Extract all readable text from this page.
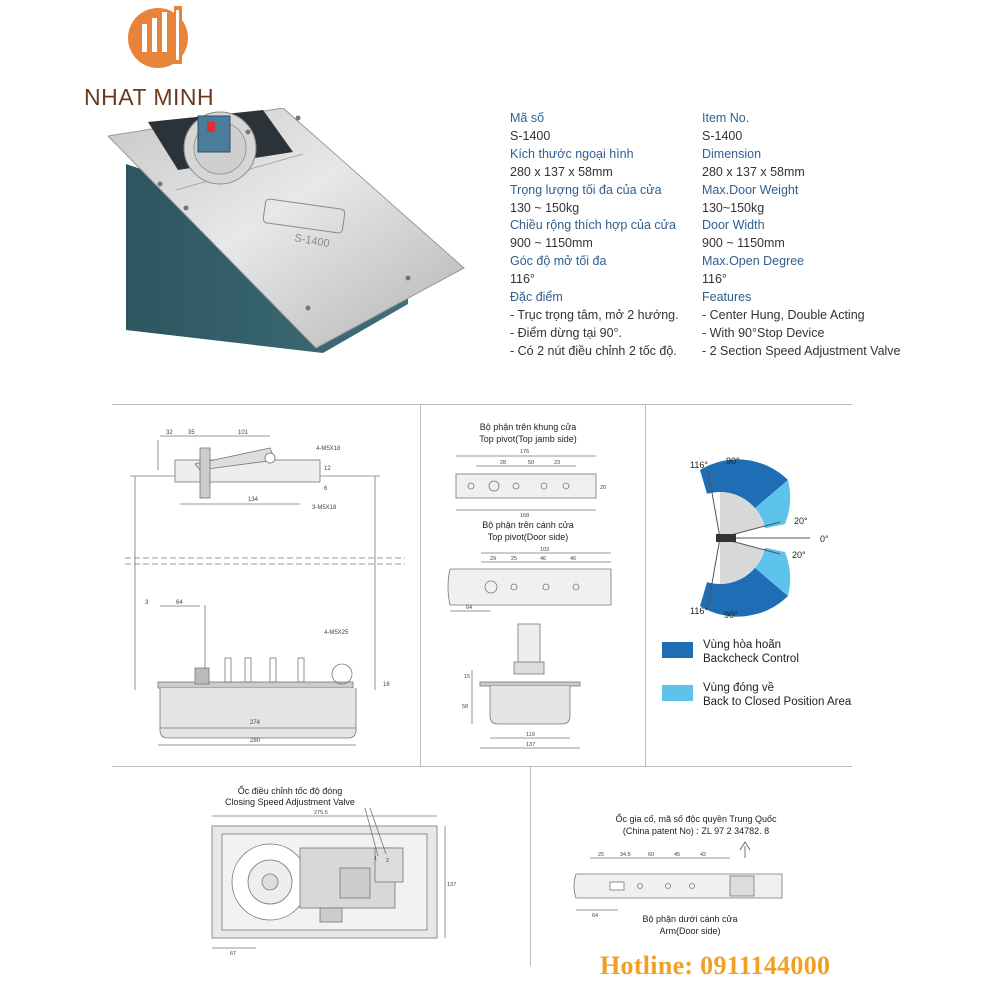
NHAT MINH
S-1400
Mã số
S-1400
Kích thước ngoại hình
280 x 137 x 58mm
Trọng lượng tối đa của cửa
130 ~ 150kg
Chiều rộng thích hợp của cửa
900 ~ 1150mm
Góc độ mở tối đa
116°
Đặc điểm
- Trục trọng tâm, mở 2 hướng.
- Điểm dừng tại 90°.
- Có 2 nút điều chỉnh 2 tốc độ.
Item No.
S-1400
Dimension
280 x 137 x 58mm
Max.Door Weight
130~150kg
Door Width
900 ~ 1150mm
Max.Open Degree
116°
Features
- Center Hung, Double Acting
- With 90°Stop Device
- 2 Section Speed Adjustment Valve
32	35	101
4-M5X18
12
6
134
3-M5X18
3	64
4-M5X25
16
274
280
Bộ phận trên khung cửa
Top pivot(Top jamb side)
Bộ phận trên cánh cửa
Top pivot(Door side)
176
28	50	23
20
168
103
29	25	46	46
64
15
58
119
137
116° 90°
20°
0°
20°
116° 90°
Vùng hòa hoãn
Backcheck Control
Vùng đóng về
Back to Closed Position Area
Ốc điều chỉnh tốc độ đóng
Closing Speed Adjustment Valve
275.5
137
1 2
67
Ốc gia cố, mã số độc quyền Trung Quốc
(China patent No) : ZL 97 2 34782. 8
25	34.5	60	45	42
64	Bộ phận dưới cánh cửa
Arm(Door side)
Hotline: 0911144000
